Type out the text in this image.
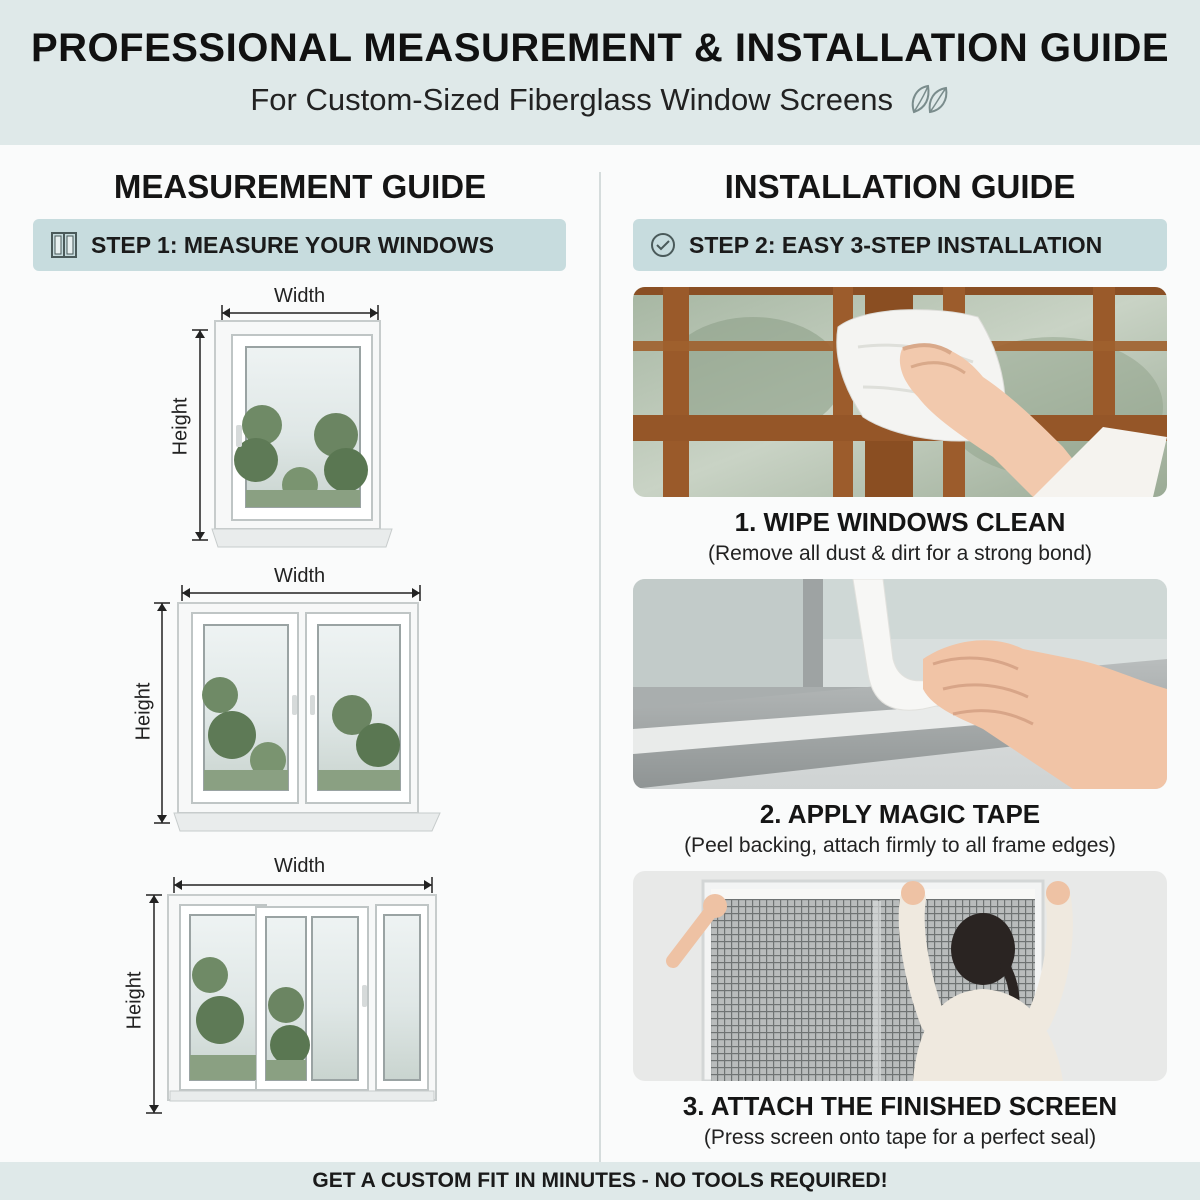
PROFESSIONAL MEASUREMENT & INSTALLATION GUIDE
For Custom-Sized Fiberglass Window Screens
MEASUREMENT GUIDE
STEP 1: MEASURE YOUR WINDOWS
Width
Height
Width
Height
Width
Height
INSTALLATION GUIDE
STEP 2: EASY 3-STEP INSTALLATION
1. WIPE WINDOWS CLEAN
(Remove all dust & dirt for a strong bond)
2. APPLY MAGIC TAPE
(Peel backing, attach firmly to all frame edges)
3. ATTACH THE FINISHED SCREEN
(Press screen onto tape for a perfect seal)
GET A CUSTOM FIT IN MINUTES - NO TOOLS REQUIRED!
